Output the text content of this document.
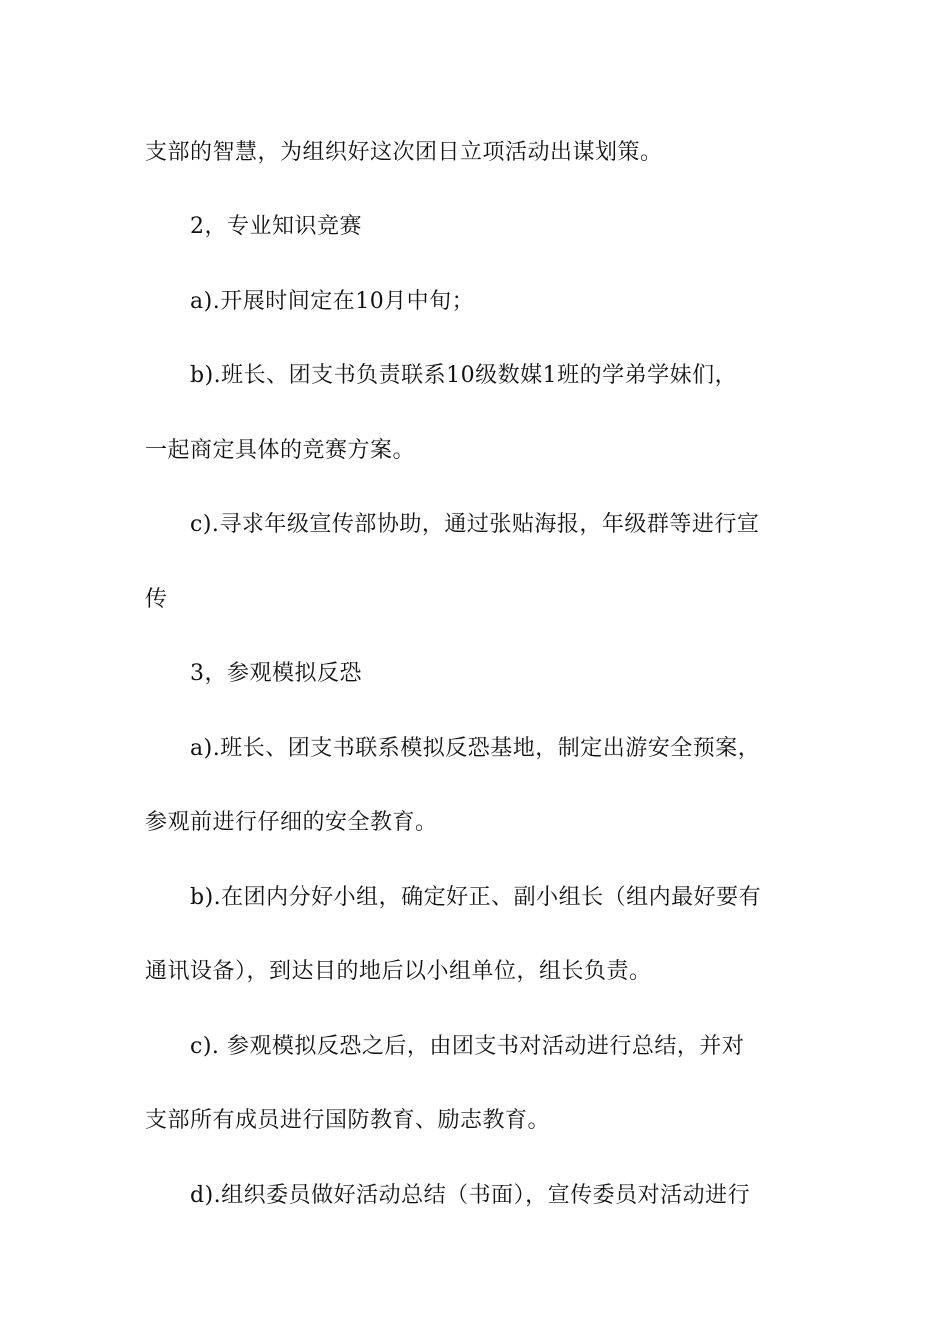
支部的智慧，为组织好这次团日立项活动出谋划策。
2，专业知识竞赛
a).开展时间定在10月中旬；
b).班长、团支书负责联系10级数媒1班的学弟学妹们，
一起商定具体的竞赛方案。
c).寻求年级宣传部协助，通过张贴海报，年级群等进行宣
传
3，参观模拟反恐
a).班长、团支书联系模拟反恐基地，制定出游安全预案，
参观前进行仔细的安全教育。
b).在团内分好小组，确定好正、副小组长（组内最好要有
通讯设备），到达目的地后以小组单位，组长负责。
c). 参观模拟反恐之后，由团支书对活动进行总结，并对
支部所有成员进行国防教育、励志教育。
d).组织委员做好活动总结（书面），宣传委员对活动进行
